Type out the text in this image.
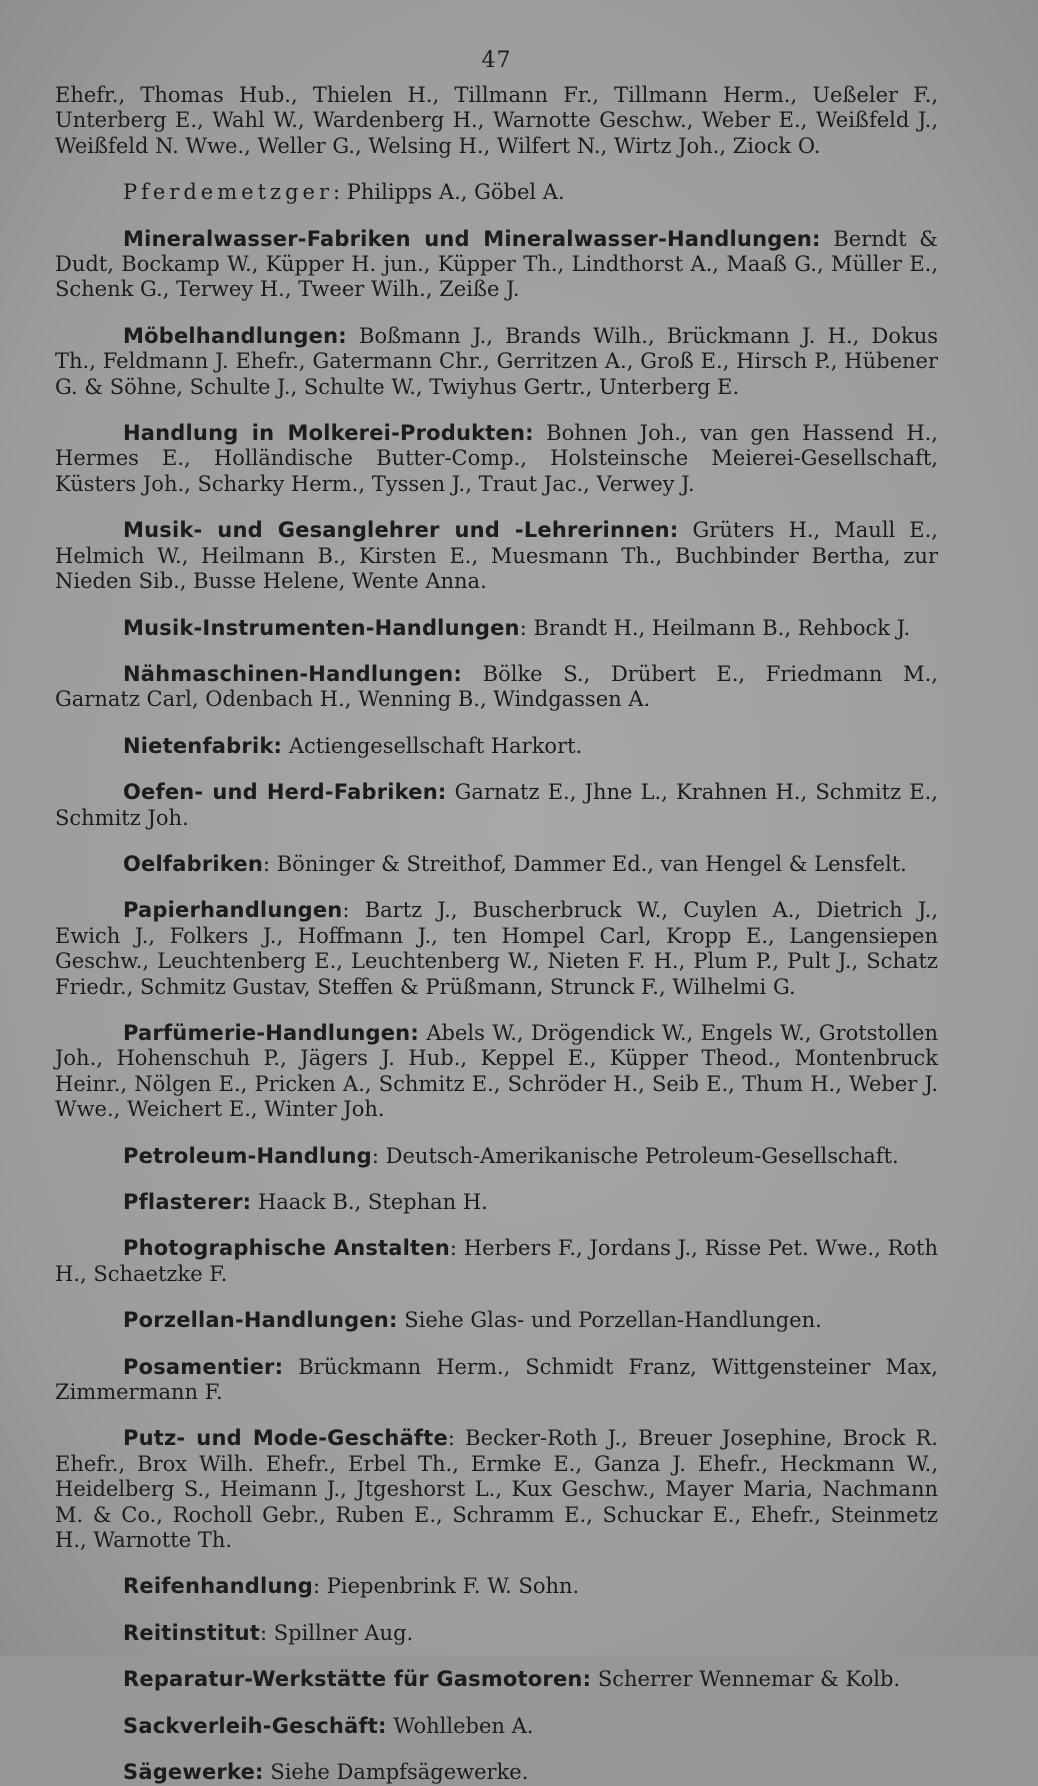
47

Ehefr., Thomas Hub., Thielen H., Tillmann Fr., Tillmann Herm., Ueßeler F., Unterberg E., Wahl W., Wardenberg H., Warnotte Geschw., Weber E., Weißfeld J., Weißfeld N. Wwe., Weller G., Welsing H., Wilfert N., Wirtz Joh., Ziock O.

Pferdemetzger: Philipps A., Göbel A.

Mineralwasser-Fabriken und Mineralwasser-Handlungen: Berndt & Dudt, Bockamp W., Küpper H. jun., Küpper Th., Lindthorst A., Maaß G., Müller E., Schenk G., Terwey H., Tweer Wilh., Zeiße J.

Möbelhandlungen: Boßmann J., Brands Wilh., Brückmann J. H., Dokus Th., Feldmann J. Ehefr., Gatermann Chr., Gerritzen A., Groß E., Hirsch P., Hübener G. & Söhne, Schulte J., Schulte W., Twiyhus Gertr., Unterberg E.

Handlung in Molkerei-Produkten: Bohnen Joh., van gen Hassend H., Hermes E., Holländische Butter-Comp., Holsteinsche Meierei-Gesellschaft, Küsters Joh., Scharky Herm., Tyssen J., Traut Jac., Verwey J.

Musik- und Gesanglehrer und -Lehrerinnen: Grüters H., Maull E., Helmich W., Heilmann B., Kirsten E., Muesmann Th., Buchbinder Bertha, zur Nieden Sib., Busse Helene, Wente Anna.

Musik-Instrumenten-Handlungen: Brandt H., Heilmann B., Rehbock J.

Nähmaschinen-Handlungen: Bölke S., Drübert E., Friedmann M., Garnatz Carl, Odenbach H., Wenning B., Windgassen A.

Nietenfabrik: Actiengesellschaft Harkort.

Oefen- und Herd-Fabriken: Garnatz E., Jhne L., Krahnen H., Schmitz E., Schmitz Joh.

Oelfabriken: Böninger & Streithof, Dammer Ed., van Hengel & Lensfelt.

Papierhandlungen: Bartz J., Buscherbruck W., Cuylen A., Dietrich J., Ewich J., Folkers J., Hoffmann J., ten Hompel Carl, Kropp E., Langensiepen Geschw., Leuchtenberg E., Leuchtenberg W., Nieten F. H., Plum P., Pult J., Schatz Friedr., Schmitz Gustav, Steffen & Prüßmann, Strunck F., Wilhelmi G.

Parfümerie-Handlungen: Abels W., Drögendick W., Engels W., Grotstollen Joh., Hohenschuh P., Jägers J. Hub., Keppel E., Küpper Theod., Montenbruck Heinr., Nölgen E., Pricken A., Schmitz E., Schröder H., Seib E., Thum H., Weber J. Wwe., Weichert E., Winter Joh.

Petroleum-Handlung: Deutsch-Amerikanische Petroleum-Gesellschaft.

Pflasterer: Haack B., Stephan H.

Photographische Anstalten: Herbers F., Jordans J., Risse Pet. Wwe., Roth H., Schaetzke F.

Porzellan-Handlungen: Siehe Glas- und Porzellan-Handlungen.

Posamentier: Brückmann Herm., Schmidt Franz, Wittgensteiner Max, Zimmermann F.

Putz- und Mode-Geschäfte: Becker-Roth J., Breuer Josephine, Brock R. Ehefr., Brox Wilh. Ehefr., Erbel Th., Ermke E., Ganza J. Ehefr., Heckmann W., Heidelberg S., Heimann J., Jtgeshorst L., Kux Geschw., Mayer Maria, Nachmann M. & Co., Rocholl Gebr., Ruben E., Schramm E., Schuckar E., Ehefr., Steinmetz H., Warnotte Th.

Reifenhandlung: Piepenbrink F. W. Sohn.

Reitinstitut: Spillner Aug.

Reparatur-Werkstätte für Gasmotoren: Scherrer Wennemar & Kolb.

Sackverleih-Geschäft: Wohlleben A.

Sägewerke: Siehe Dampfsägewerke.
